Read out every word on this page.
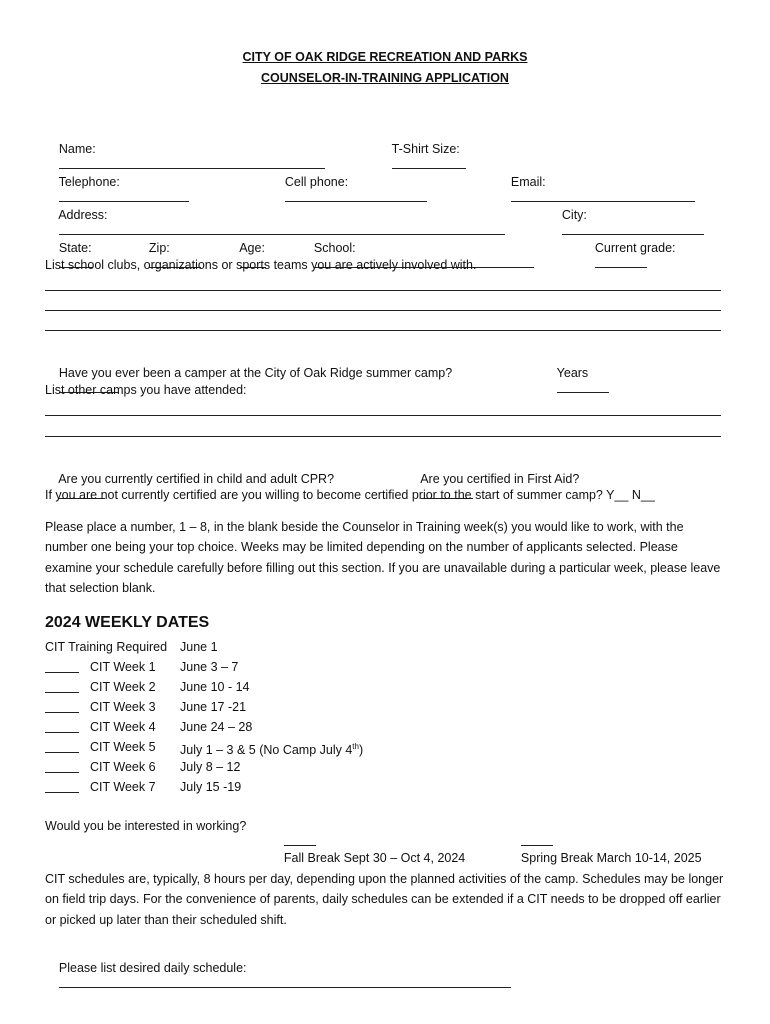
CITY OF OAK RIDGE RECREATION AND PARKS
COUNSELOR-IN-TRAINING APPLICATION

Name:

	T-Shirt Size:

Telephone:

	Cell phone:

	Email:

Address:

	City:

State:

	Zip:

	Age:

	School:

	Current grade:

List school clubs, organizations or sports teams you are actively involved with.

Have you ever been a camper at the City of Oak Ridge summer camp?

	Years

List other camps you have attended:

Are you currently certified in child and adult CPR?

	Are you certified in First Aid?

If you are not currently certified are you willing to become certified prior to the start of summer camp? Y__ N__
Please place a number, 1 – 8, in the blank beside the Counselor in Training week(s) you would like to work, with the number one being your top choice. Weeks may be limited depending on the number of applicants selected. Please examine your schedule carefully before filling out this section. If you are unavailable during a particular week, please leave that selection blank.
2024 WEEKLY DATES
CIT Training Required June 1
CIT Week 1 June 3 – 7
CIT Week 2 June 10 - 14
CIT Week 3 June 17 -21
CIT Week 4 June 24 – 28
CIT Week 5 July 1 – 3 & 5 (No Camp July 4th)
CIT Week 6 July 8 – 12
CIT Week 7 July 15 -19
Would you be interested in working?

Fall Break Sept 30 – Oct 4, 2024

	Spring Break March 10-14, 2025

CIT schedules are, typically, 8 hours per day, depending upon the planned activities of the camp. Schedules may be longer on field trip days. For the convenience of parents, daily schedules can be extended if a CIT needs to be dropped off earlier or picked up later than their scheduled shift.

Please list desired daily schedule:
